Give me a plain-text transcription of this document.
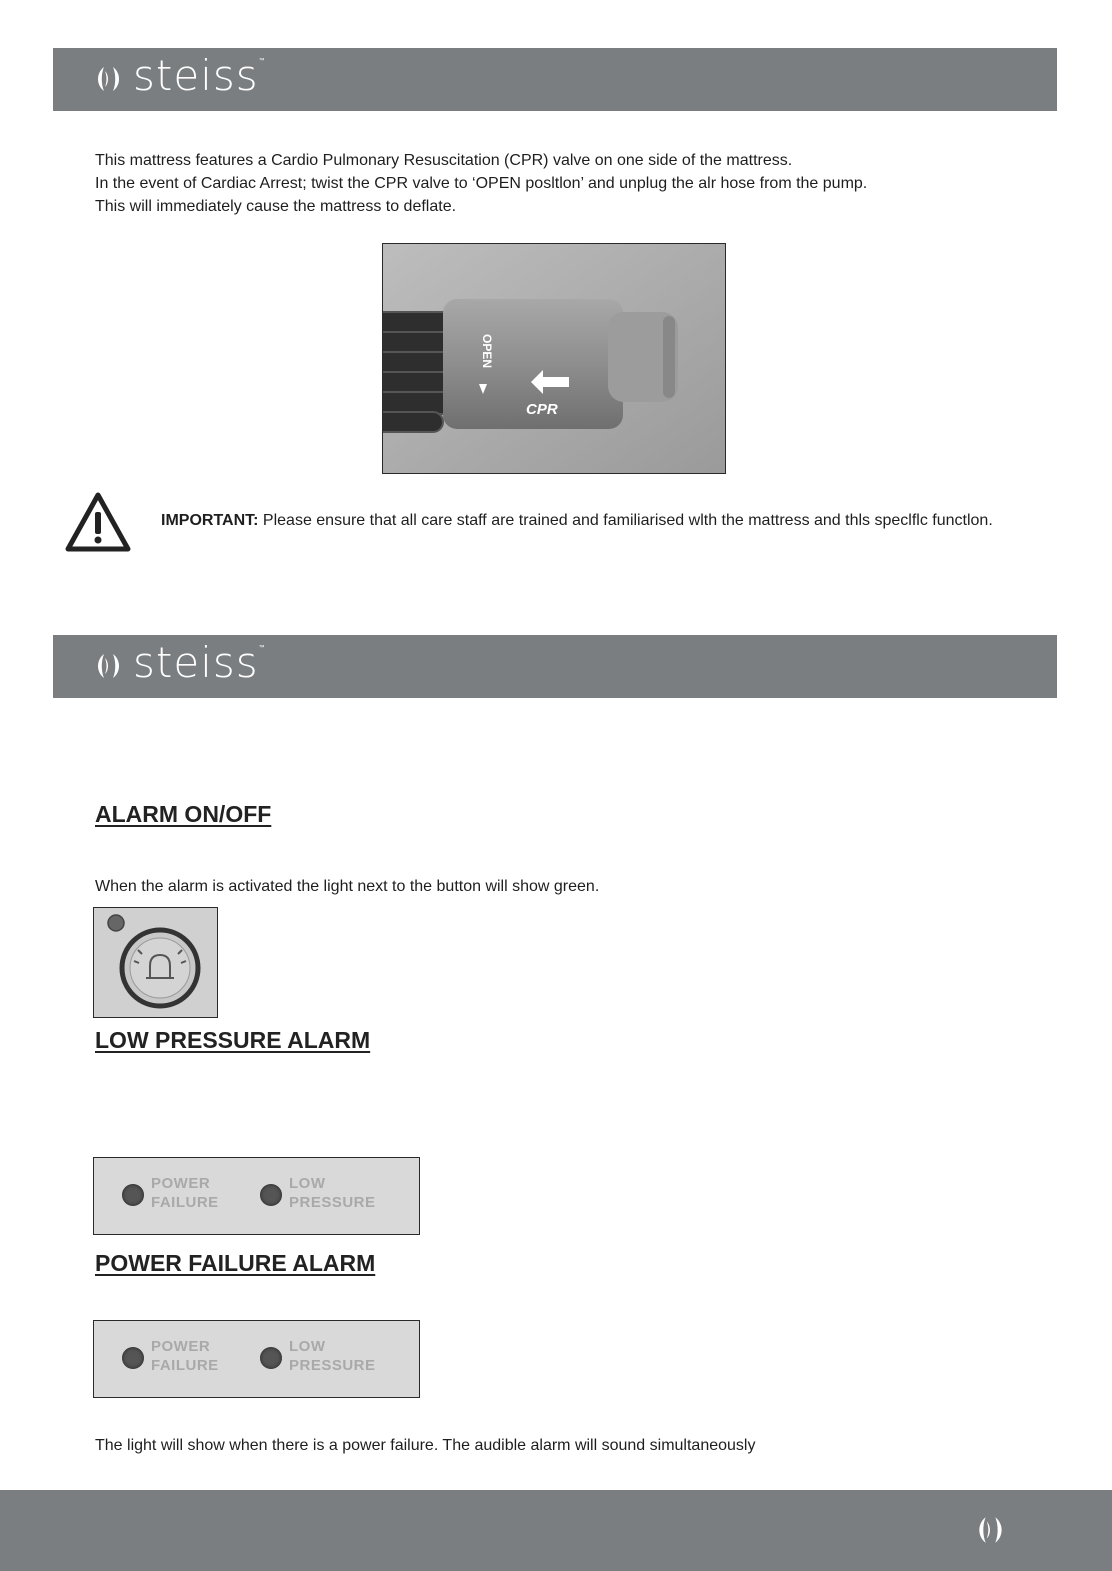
steiss ™

This mattress features a Cardio Pulmonary Resuscitation (CPR) valve on one side of the mattress.
In the event of Cardiac Arrest; twist the CPR valve to ‘OPEN posltlon’ and unplug the alr hose from the pump.
This will immediately cause the mattress to deflate.

OPEN
CPR

IMPORTANT: Please ensure that all care staff are trained and familiarised wlth the mattress and thls speclflc functlon.

steiss ™
ALARM ON/OFF

When the alarm is activated the light next to the button will show green.

LOW PRESSURE ALARM
POWER
FAILURE
LOW
PRESSURE
POWER FAILURE ALARM
POWER
FAILURE
LOW
PRESSURE

The light will show when there is a power failure. The audible alarm will sound simultaneously
